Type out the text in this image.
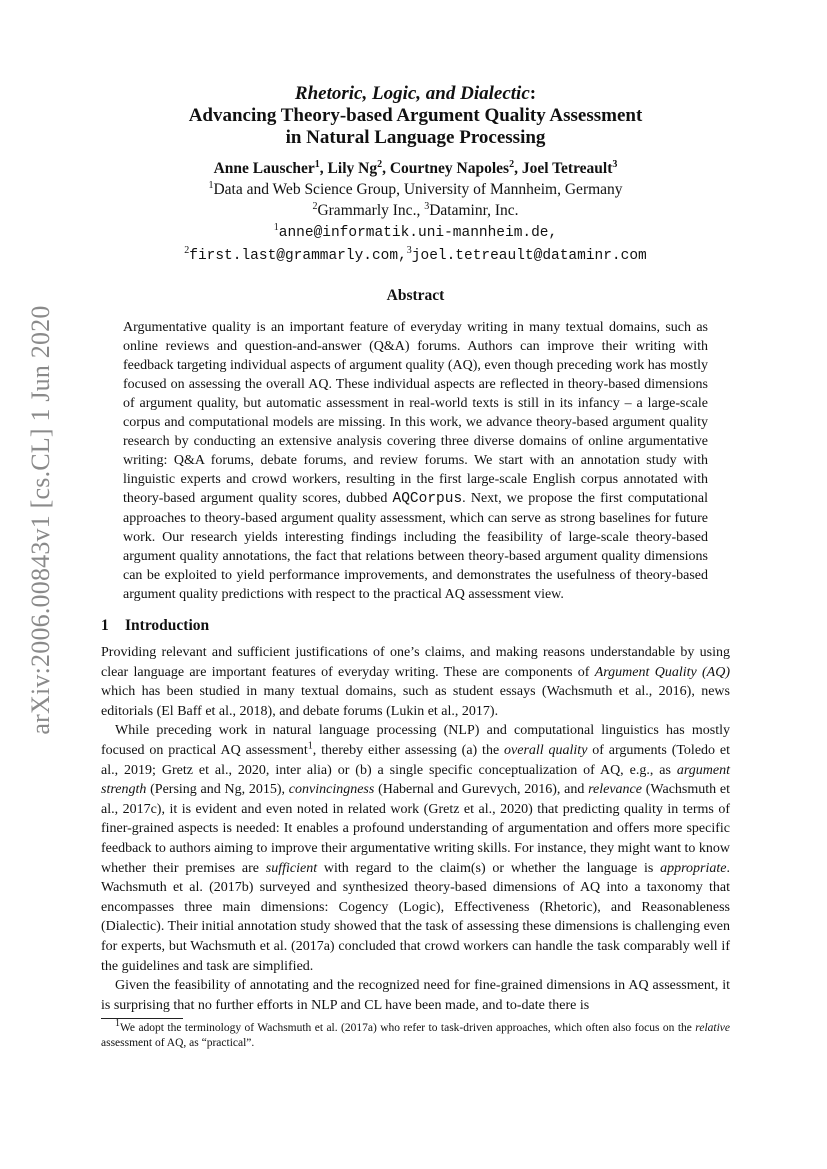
arXiv:2006.00843v1 [cs.CL] 1 Jun 2020
Rhetoric, Logic, and Dialectic:
Advancing Theory-based Argument Quality Assessment
in Natural Language Processing
Anne Lauscher$^1$, Lily Ng$^2$, Courtney Napoles$^2$, Joel Tetreault$^3$
$^1$Data and Web Science Group, University of Mannheim, Germany
$^2$Grammarly Inc., $^3$Dataminr, Inc.
$^1$anne@informatik.uni-mannheim.de,
$^2$first.last@grammarly.com,$^3$joel.tetreault@dataminr.com
Abstract
Argumentative quality is an important feature of everyday writing in many textual domains, such as online reviews and question-and-answer (Q&A) forums. Authors can improve their writing with feedback targeting individual aspects of argument quality (AQ), even though preceding work has mostly focused on assessing the overall AQ. These individual aspects are reflected in theory-based dimensions of argument quality, but automatic assessment in real-world texts is still in its infancy – a large-scale corpus and computational models are missing. In this work, we advance theory-based argument quality research by conducting an extensive analysis covering three diverse domains of online argumentative writing: Q&A forums, debate forums, and review forums. We start with an annotation study with linguistic experts and crowd workers, resulting in the first large-scale English corpus annotated with theory-based argument quality scores, dubbed AQCorpus. Next, we propose the first computational approaches to theory-based argument quality assessment, which can serve as strong baselines for future work. Our research yields interesting findings including the feasibility of large-scale theory-based argument quality annotations, the fact that relations between theory-based argument quality dimensions can be exploited to yield performance improvements, and demonstrates the usefulness of theory-based argument quality predictions with respect to the practical AQ assessment view.
1 Introduction

Providing relevant and sufficient justifications of one’s claims, and making reasons understandable by using clear language are important features of everyday writing. These are components of Argument Quality (AQ) which has been studied in many textual domains, such as student essays (Wachsmuth et al., 2016), news editorials (El Baff et al., 2018), and debate forums (Lukin et al., 2017).

While preceding work in natural language processing (NLP) and computational linguistics has mostly focused on practical AQ assessment$^1$, thereby either assessing (a) the overall quality of arguments (Toledo et al., 2019; Gretz et al., 2020, inter alia) or (b) a single specific conceptualization of AQ, e.g., as argument strength (Persing and Ng, 2015), convincingness (Habernal and Gurevych, 2016), and relevance (Wachsmuth et al., 2017c), it is evident and even noted in related work (Gretz et al., 2020) that predicting quality in terms of finer-grained aspects is needed: It enables a profound understanding of argumentation and offers more specific feedback to authors aiming to improve their argumentative writing skills. For instance, they might want to know whether their premises are sufficient with regard to the claim(s) or whether the language is appropriate. Wachsmuth et al. (2017b) surveyed and synthesized theory-based dimensions of AQ into a taxonomy that encompasses three main dimensions: Cogency (Logic), Effectiveness (Rhetoric), and Reasonableness (Dialectic). Their initial annotation study showed that the task of assessing these dimensions is challenging even for experts, but Wachsmuth et al. (2017a) concluded that crowd workers can handle the task comparably well if the guidelines and task are simplified.

Given the feasibility of annotating and the recognized need for fine-grained dimensions in AQ assessment, it is surprising that no further efforts in NLP and CL have been made, and to-date there is

$^1$We adopt the terminology of Wachsmuth et al. (2017a) who refer to task-driven approaches, which often also focus on the relative assessment of AQ, as “practical”.
